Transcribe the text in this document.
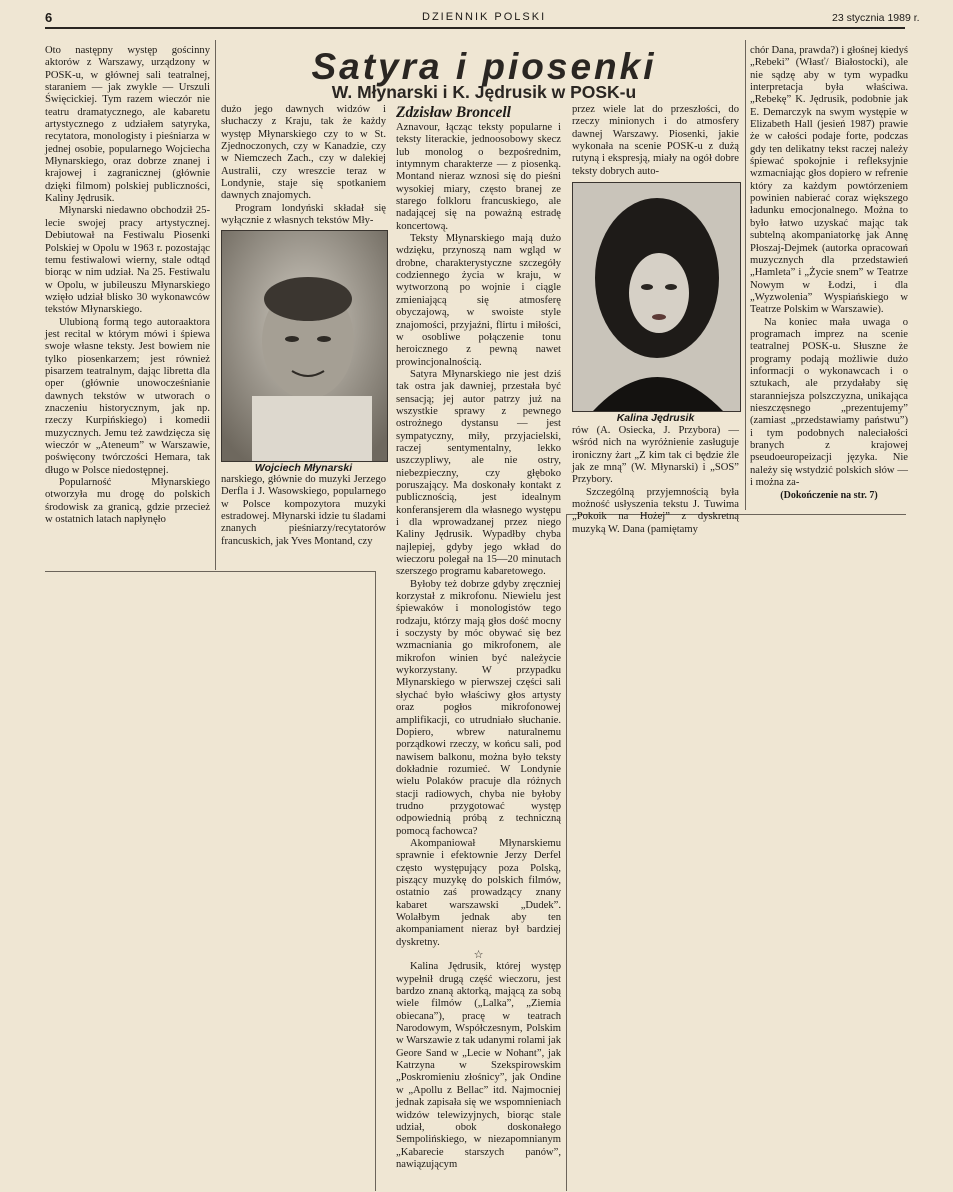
6	DZIENNIK POLSKI	23 stycznia 1989 r.
Satyra i piosenki
W. Młynarski i K. Jędrusik w POSK-u
Zdzisław Broncell

Oto następny występ gościnny aktorów z Warszawy, urządzony w POSK-u, w głównej sali teatralnej, staraniem — jak zwykle — Urszuli Święcickiej. Tym razem wieczór nie teatru dramatycznego, ale kabaretu artystycznego z udziałem satyryka, recytatora, monologisty i pieśniarza w jednej osobie, popularnego Wojciecha Młynarskiego, oraz dobrze znanej i krajowej i zagranicznej (głównie dzięki filmom) polskiej publiczności, Kaliny Jędrusik.

Młynarski niedawno obchodził 25-lecie swojej pracy artystycznej. Debiutował na Festiwalu Piosenki Polskiej w Opolu w 1963 r. pozostając temu festiwalowi wierny, stale odtąd biorąc w nim udział. Na 25. Festiwalu w Opolu, w jubileuszu Młynarskiego wzięło udział blisko 30 wykonawców tekstów Młynarskiego.

Ulubioną formą tego autoraaktora jest recital w którym mówi i śpiewa swoje własne teksty. Jest bowiem nie tylko piosenkarzem; jest również pisarzem teatralnym, dając libretta dla oper (głównie unowocześnianie dawnych tekstów w utworach o znaczeniu historycznym, jak np. rzeczy Kurpińskiego) i komedii muzycznych. Jemu też zawdzięcza się wieczór w „Ateneum” w Warszawie, poświęcony twórczości Hemara, tak długo w Polsce niedostępnej.

Popularność Młynarskiego otworzyła mu drogę do polskich środowisk za granicą, gdzie przecież w ostatnich latach napłynęło

dużo jego dawnych widzów i słuchaczy z Kraju, tak że każdy występ Młynarskiego czy to w St. Zjednoczonych, czy w Kanadzie, czy w Niemczech Zach., czy w dalekiej Australii, czy wreszcie teraz w Londynie, staje się spotkaniem dawnych znajomych.

Program londyński składał się wyłącznie z własnych tekstów Mły-

Wojciech Młynarski

narskiego, głównie do muzyki Jerzego Derfla i J. Wasowskiego, popularnego w Polsce kompozytora muzyki estradowej. Młynarski idzie tu śladami znanych pieśniarzy/recytatorów francuskich, jak Yves Montand, czy

Aznavour, łącząc teksty popularne i teksty literackie, jednoosobowy skecz lub monolog o bezpośrednim, intymnym charakterze — z piosenką. Montand nieraz wznosi się do pieśni wysokiej miary, często branej ze starego folkloru francuskiego, ale nadającej się na poważną estradę koncertową.

Teksty Młynarskiego mają dużo wdzięku, przynoszą nam wgląd w drobne, charakterystyczne szczegóły codziennego życia w kraju, w wytworzoną po wojnie i ciągle zmieniającą się atmosferę obyczajową, w swoiste style znajomości, przyjaźni, flirtu i miłości, w osobliwe połączenie tonu heroicznego z pewną nawet prowincjonalnością.

Satyra Młynarskiego nie jest dziś tak ostra jak dawniej, przestała być sensacją; jej autor patrzy już na wszystkie sprawy z pewnego ostrożnego dystansu — jest sympatyczny, miły, przyjacielski, raczej sentymentalny, lekko uszczypliwy, ale nie ostry, niebezpieczny, czy głęboko poruszający. Ma doskonały kontakt z publicznością, jest idealnym konferansjerem dla własnego występu i dla wprowadzanej przez niego Kaliny Jędrusik. Wypadłby chyba najlepiej, gdyby jego wkład do wieczoru polegał na 15—20 minutach szerszego programu kabaretowego.

Byłoby też dobrze gdyby zręczniej korzystał z mikrofonu. Niewielu jest śpiewaków i monologistów tego rodzaju, którzy mają głos dość mocny i soczysty by móc obywać się bez wzmacniania go mikrofonem, ale mikrofon winien być należycie wykorzystany. W przypadku Młynarskiego w pierwszej części sali słychać było właściwy głos artysty oraz pogłos mikrofonowej amplifikacji, co utrudniało słuchanie. Dopiero, wbrew naturalnemu porządkowi rzeczy, w końcu sali, pod nawisem balkonu, można było teksty dokładnie rozumieć. W Londynie wielu Polaków pracuje dla różnych stacji radiowych, chyba nie byłoby trudno przygotować występ odpowiednią próbą z techniczną pomocą fachowca?

Akompaniował Młynarskiemu sprawnie i efektownie Jerzy Derfel często występujący poza Polską, piszący muzykę do polskich filmów, ostatnio zaś prowadzący znany kabaret warszawski „Dudek”. Wolałbym jednak aby ten akompaniament nieraz był bardziej dyskretny.

☆

Kalina Jędrusik, której występ wypełnił drugą część wieczoru, jest bardzo znaną aktorką, mającą za sobą wiele filmów („Lalka”, „Ziemia obiecana”), pracę w teatrach Narodowym, Współczesnym, Polskim w Warszawie z tak udanymi rolami jak Geore Sand w „Lecie w Nohant”, jak Katrzyna w Szekspirowskim „Poskromieniu złośnicy”, jak Ondine w „Apollu z Bellac” itd. Najmocniej jednak zapisała się we wspomnieniach widzów telewizyjnych, biorąc stale udział, obok doskonałego Sempolińskiego, w niezapomnianym „Kabarecie starszych panów”, nawiązującym

przez wiele lat do przeszłości, do rzeczy minionych i do atmosfery dawnej Warszawy. Piosenki, jakie wykonała na scenie POSK-u z dużą rutyną i ekspresją, miały na ogół dobre teksty dobrych auto-

Kalina Jędrusik

rów (A. Osiecka, J. Przybora) — wśród nich na wyróżnienie zasługuje ironiczny żart „Z kim tak ci będzie źle jak ze mną” (W. Młynarski) i „SOS” Przybory.

Szczególną przyjemnością była możność usłyszenia tekstu J. Tuwima „Pokoik na Hożej” z dyskretną muzyką W. Dana (pamiętamy

chór Dana, prawda?) i głośnej kiedyś „Rebeki” (Własť/ Białostocki), ale nie sądzę aby w tym wypadku interpretacja była właściwa. „Rebekę” K. Jędrusik, podobnie jak E. Demarczyk na swym występie w Elizabeth Hall (jesień 1987) prawie że w całości podaje forte, podczas gdy ten delikatny tekst raczej należy śpiewać spokojnie i refleksyjnie wzmacniając głos dopiero w refrenie który za każdym powtórzeniem powinien nabierać coraz większego ładunku emocjonalnego. Można to było łatwo uzyskać mając tak subtelną akompaniatorkę jak Annę Płoszaj-Dejmek (autorka opracowań muzycznych dla przedstawień „Hamleta” i „Życie snem” w Teatrze Nowym w Łodzi, i dla „Wyzwolenia” Wyspiańskiego w Teatrze Polskim w Warszawie).

Na koniec mała uwaga o programach imprez na scenie teatralnej POSK-u. Słuszne że programy podają możliwie dużo informacji o wykonawcach i o sztukach, ale przydałaby się staranniejsza polszczyzna, unikająca nieszczęsnego „prezentujemy” (zamiast „przedstawiamy państwu”) i tym podobnych naleciałości branych z krajowej pseudoeuropeizacji języka. Nie należy się wstydzić polskich słów — i można za-

(Dokończenie na str. 7)
